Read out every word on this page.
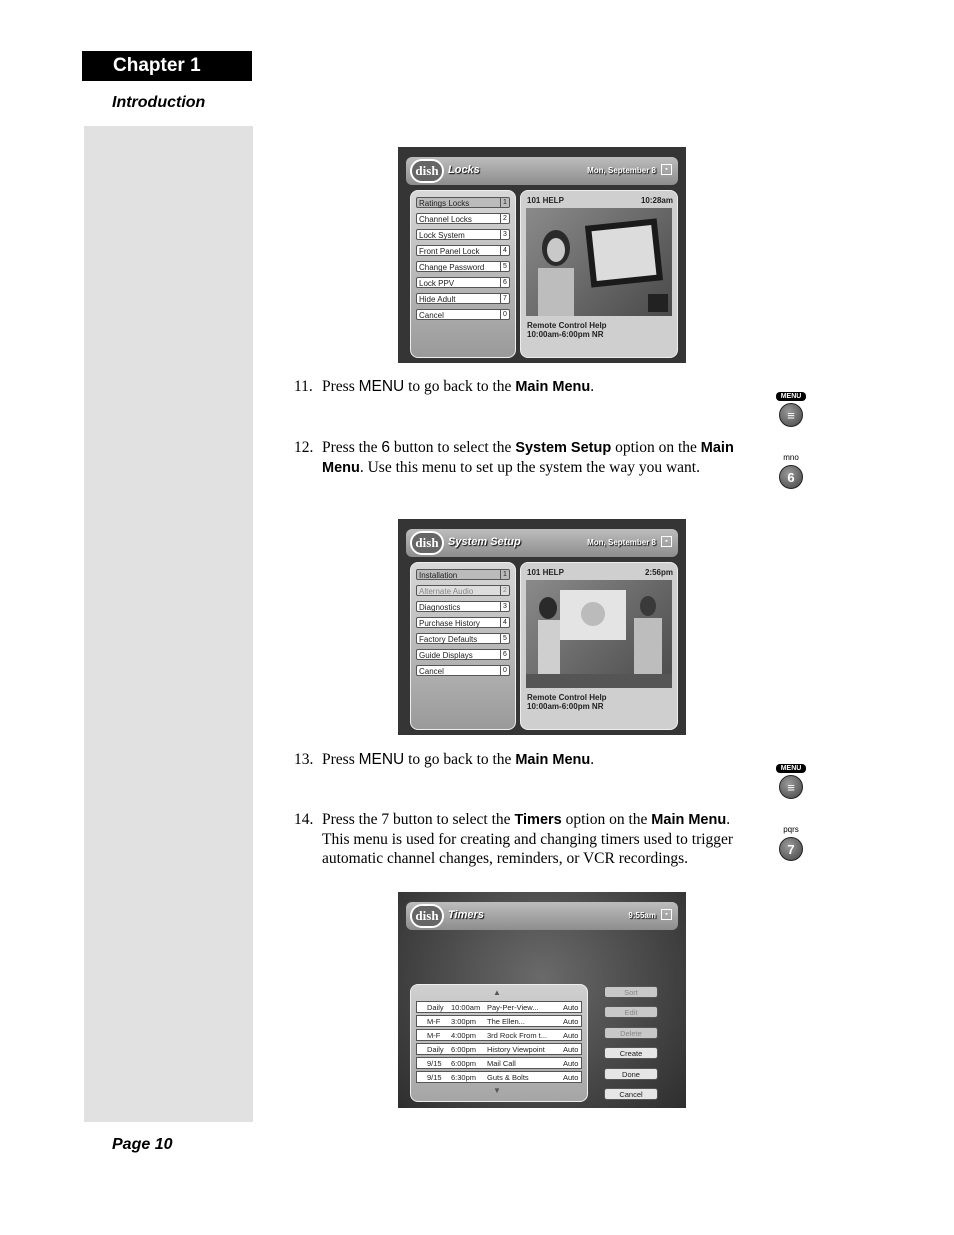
Chapter 1
Introduction
Page 10
dish Locks	Mon, September 8	▪
Ratings Locks	1
Channel Locks	2
Lock System	3
Front Panel Lock	4
Change Password	5
Lock PPV	6
Hide Adult	7
Cancel	0
101 HELP	10:28am
Remote Control Help
10:00am-6:00pm NR
11. Press MENU to go back to the Main Menu.
12. Press the 6 button to select the System Setup option on the Main Menu. Use this menu to set up the system the way you want.
MENU
≡
mno
6
dish System Setup	Mon, September 8	▪
Installation	1
Alternate Audio	2
Diagnostics	3
Purchase History	4
Factory Defaults	5
Guide Displays	6
Cancel	0
101 HELP	2:56pm
Remote Control Help
10:00am-6:00pm NR
13. Press MENU to go back to the Main Menu.
14. Press the 7 button to select the Timers option on the Main Menu. This menu is used for creating and changing timers used to trigger automatic channel changes, reminders, or VCR recordings.
MENU
≡
pqrs
7
dish Timers	9:55am	▪
▲
Daily 10:00am Pay-Per-View...	Auto
M-F 3:00pm The Ellen...	Auto
M-F 4:00pm 3rd Rock From t... Auto
Daily 6:00pm History Viewpoint Auto
9/15 6:00pm Mail Call	Auto
9/15 6:30pm Guts & Bolts	Auto
▼
Sort
Edit
Delete
Create
Done
Cancel
